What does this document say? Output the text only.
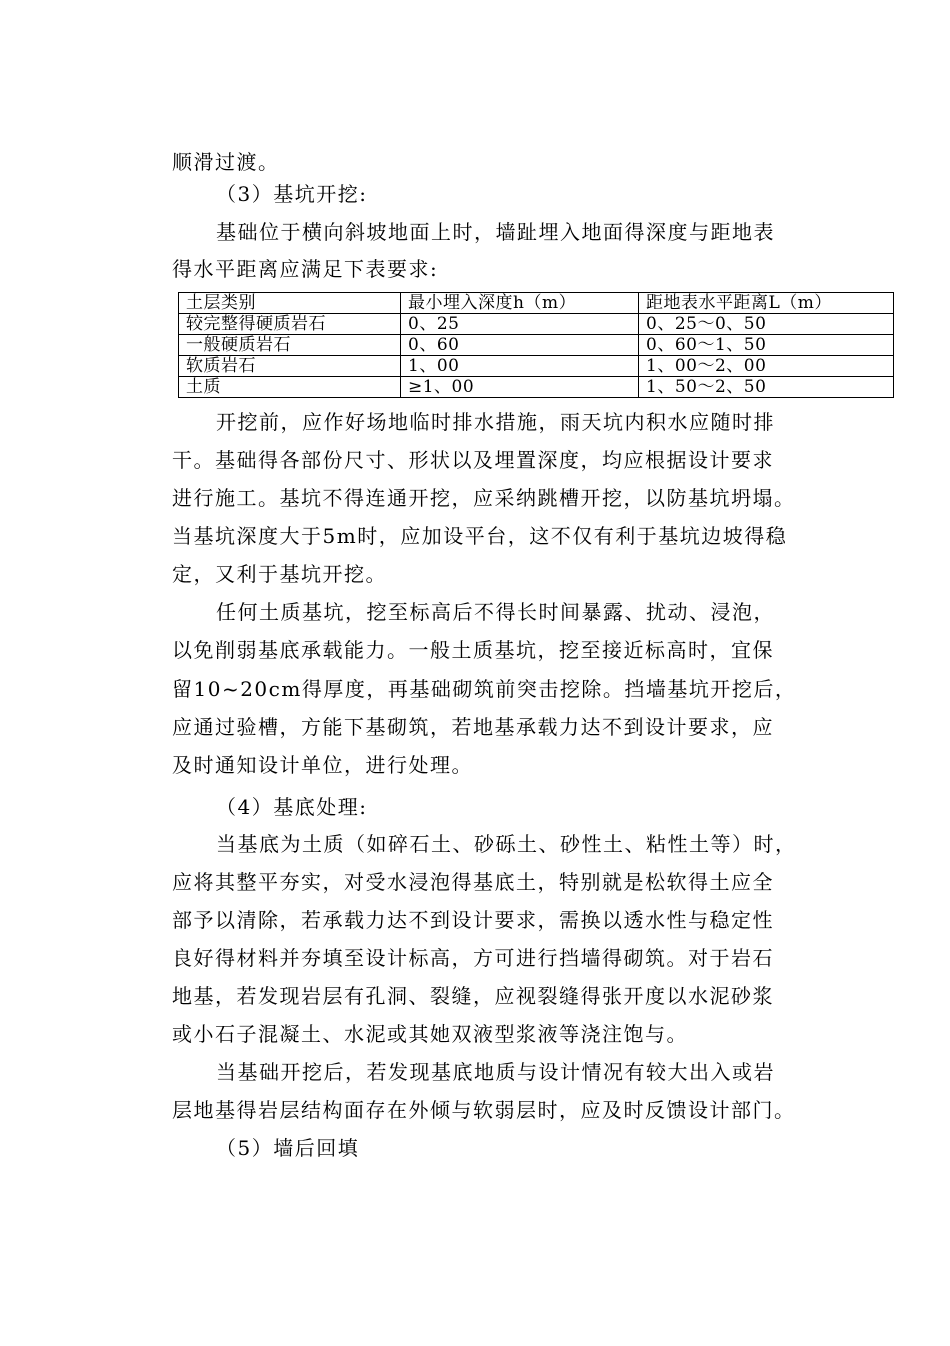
顺滑过渡。
（3）基坑开挖:
基础位于横向斜坡地面上时，墙趾埋入地面得深度与距地表
得水平距离应满足下表要求:
土层类别	最小埋入深度h（m）	距地表水平距离L（m）
较完整得硬质岩石	0、25	0、25～0、50
一般硬质岩石	0、60	0、60～1、50
软质岩石	1、00	1、00～2、00
土质	≥1、00	1、50～2、50
开挖前，应作好场地临时排水措施，雨天坑内积水应随时排
干。基础得各部份尺寸、形状以及埋置深度，均应根据设计要求
进行施工。基坑不得连通开挖，应采纳跳槽开挖，以防基坑坍塌。
当基坑深度大于5m时，应加设平台，这不仅有利于基坑边坡得稳
定，又利于基坑开挖。
任何土质基坑，挖至标高后不得长时间暴露、扰动、浸泡，
以免削弱基底承载能力。一般土质基坑，挖至接近标高时，宜保
留10~20cm得厚度，再基础砌筑前突击挖除。挡墙基坑开挖后，
应通过验槽，方能下基砌筑，若地基承载力达不到设计要求，应
及时通知设计单位，进行处理。
（4）基底处理:
当基底为土质（如碎石土、砂砾土、砂性土、粘性土等）时，
应将其整平夯实，对受水浸泡得基底土，特别就是松软得土应全
部予以清除，若承载力达不到设计要求，需换以透水性与稳定性
良好得材料并夯填至设计标高，方可进行挡墙得砌筑。对于岩石
地基，若发现岩层有孔洞、裂缝，应视裂缝得张开度以水泥砂浆
或小石子混凝土、水泥或其她双液型浆液等浇注饱与。
当基础开挖后，若发现基底地质与设计情况有较大出入或岩
层地基得岩层结构面存在外倾与软弱层时，应及时反馈设计部门。
（5）墙后回填
